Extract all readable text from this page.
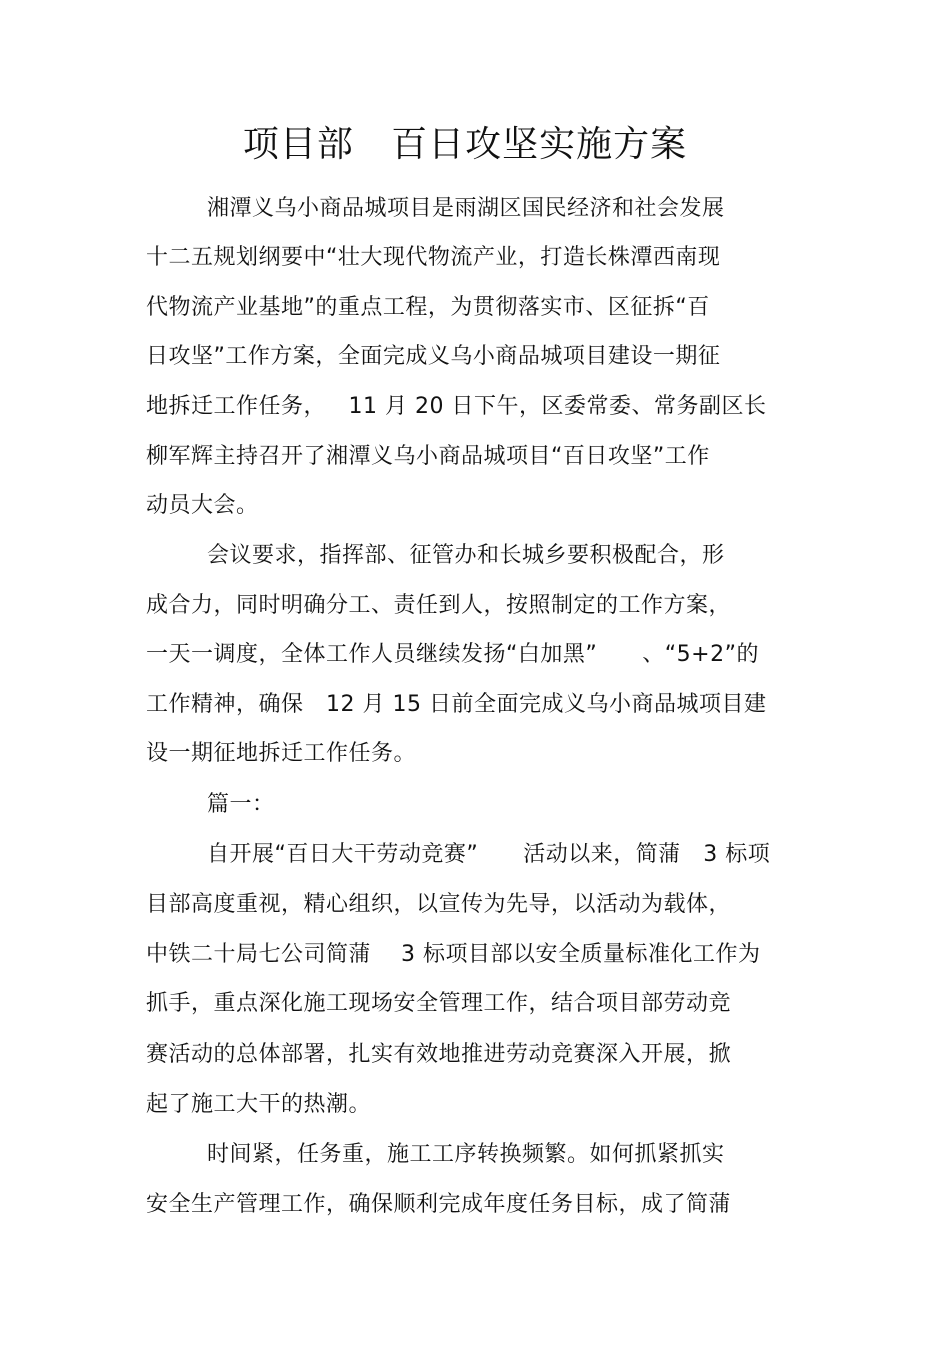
项目部   百日攻坚实施方案
湘潭义乌小商品城项目是雨湖区国民经济和社会发展
十二五规划纲要中“壮大现代物流产业，打造长株潭西南现
代物流产业基地”的重点工程，为贯彻落实市、区征拆“百
日攻坚”工作方案，全面完成义乌小商品城项目建设一期征
地拆迁工作任务，   11 月 20 日下午，区委常委、常务副区长
柳军辉主持召开了湘潭义乌小商品城项目“百日攻坚”工作
动员大会。
会议要求，指挥部、征管办和长城乡要积极配合，形
成合力，同时明确分工、责任到人，按照制定的工作方案，
一天一调度，全体工作人员继续发扬“白加黑”      、“5+2”的
工作精神，确保   12 月 15 日前全面完成义乌小商品城项目建
设一期征地拆迁工作任务。
篇一：
自开展“百日大干劳动竞赛”      活动以来，简蒲   3 标项
目部高度重视，精心组织，以宣传为先导，以活动为载体，
中铁二十局七公司简蒲    3 标项目部以安全质量标准化工作为
抓手，重点深化施工现场安全管理工作，结合项目部劳动竞
赛活动的总体部署，扎实有效地推进劳动竞赛深入开展，掀
起了施工大干的热潮。
时间紧，任务重，施工工序转换频繁。如何抓紧抓实
安全生产管理工作，确保顺利完成年度任务目标，成了简蒲
